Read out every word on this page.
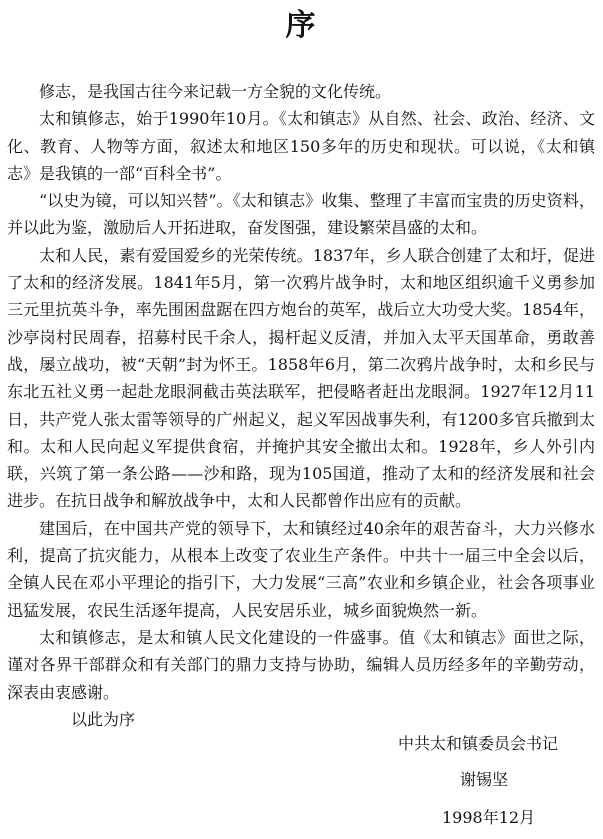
序

修志，是我国古往今来记载一方全貌的文化传统。

太和镇修志，始于1990年10月。《太和镇志》从自然、社会、政治、经济、文化、教育、人物等方面，叙述太和地区150多年的历史和现状。可以说，《太和镇志》是我镇的一部“百科全书”。

“以史为镜，可以知兴替”。《太和镇志》收集、整理了丰富而宝贵的历史资料，并以此为鉴，激励后人开拓进取，奋发图强，建设繁荣昌盛的太和。

太和人民，素有爱国爱乡的光荣传统。1837年，乡人联合创建了太和圩，促进了太和的经济发展。1841年5月，第一次鸦片战争时，太和地区组织逾千义勇参加三元里抗英斗争，率先围困盘踞在四方炮台的英军，战后立大功受大奖。1854年，沙亭岗村民周春，招募村民千余人，揭杆起义反清，并加入太平天国革命，勇敢善战，屡立战功，被“天朝”封为怀王。1858年6月，第二次鸦片战争时，太和乡民与东北五社义勇一起赴龙眼洞截击英法联军，把侵略者赶出龙眼洞。1927年12月11日，共产党人张太雷等领导的广州起义，起义军因战事失利，有1200多官兵撤到太和。太和人民向起义军提供食宿，并掩护其安全撤出太和。1928年，乡人外引内联，兴筑了第一条公路——沙和路，现为105国道，推动了太和的经济发展和社会进步。在抗日战争和解放战争中，太和人民都曾作出应有的贡献。

建国后，在中国共产党的领导下，太和镇经过40余年的艰苦奋斗，大力兴修水利，提高了抗灾能力，从根本上改变了农业生产条件。中共十一届三中全会以后，全镇人民在邓小平理论的指引下，大力发展“三高”农业和乡镇企业，社会各项事业迅猛发展，农民生活逐年提高，人民安居乐业，城乡面貌焕然一新。

太和镇修志，是太和镇人民文化建设的一件盛事。值《太和镇志》面世之际，谨对各界干部群众和有关部门的鼎力支持与协助，编辑人员历经多年的辛勤劳动，深表由衷感谢。

以此为序

中共太和镇委员会书记
谢锡坚
1998年12月
